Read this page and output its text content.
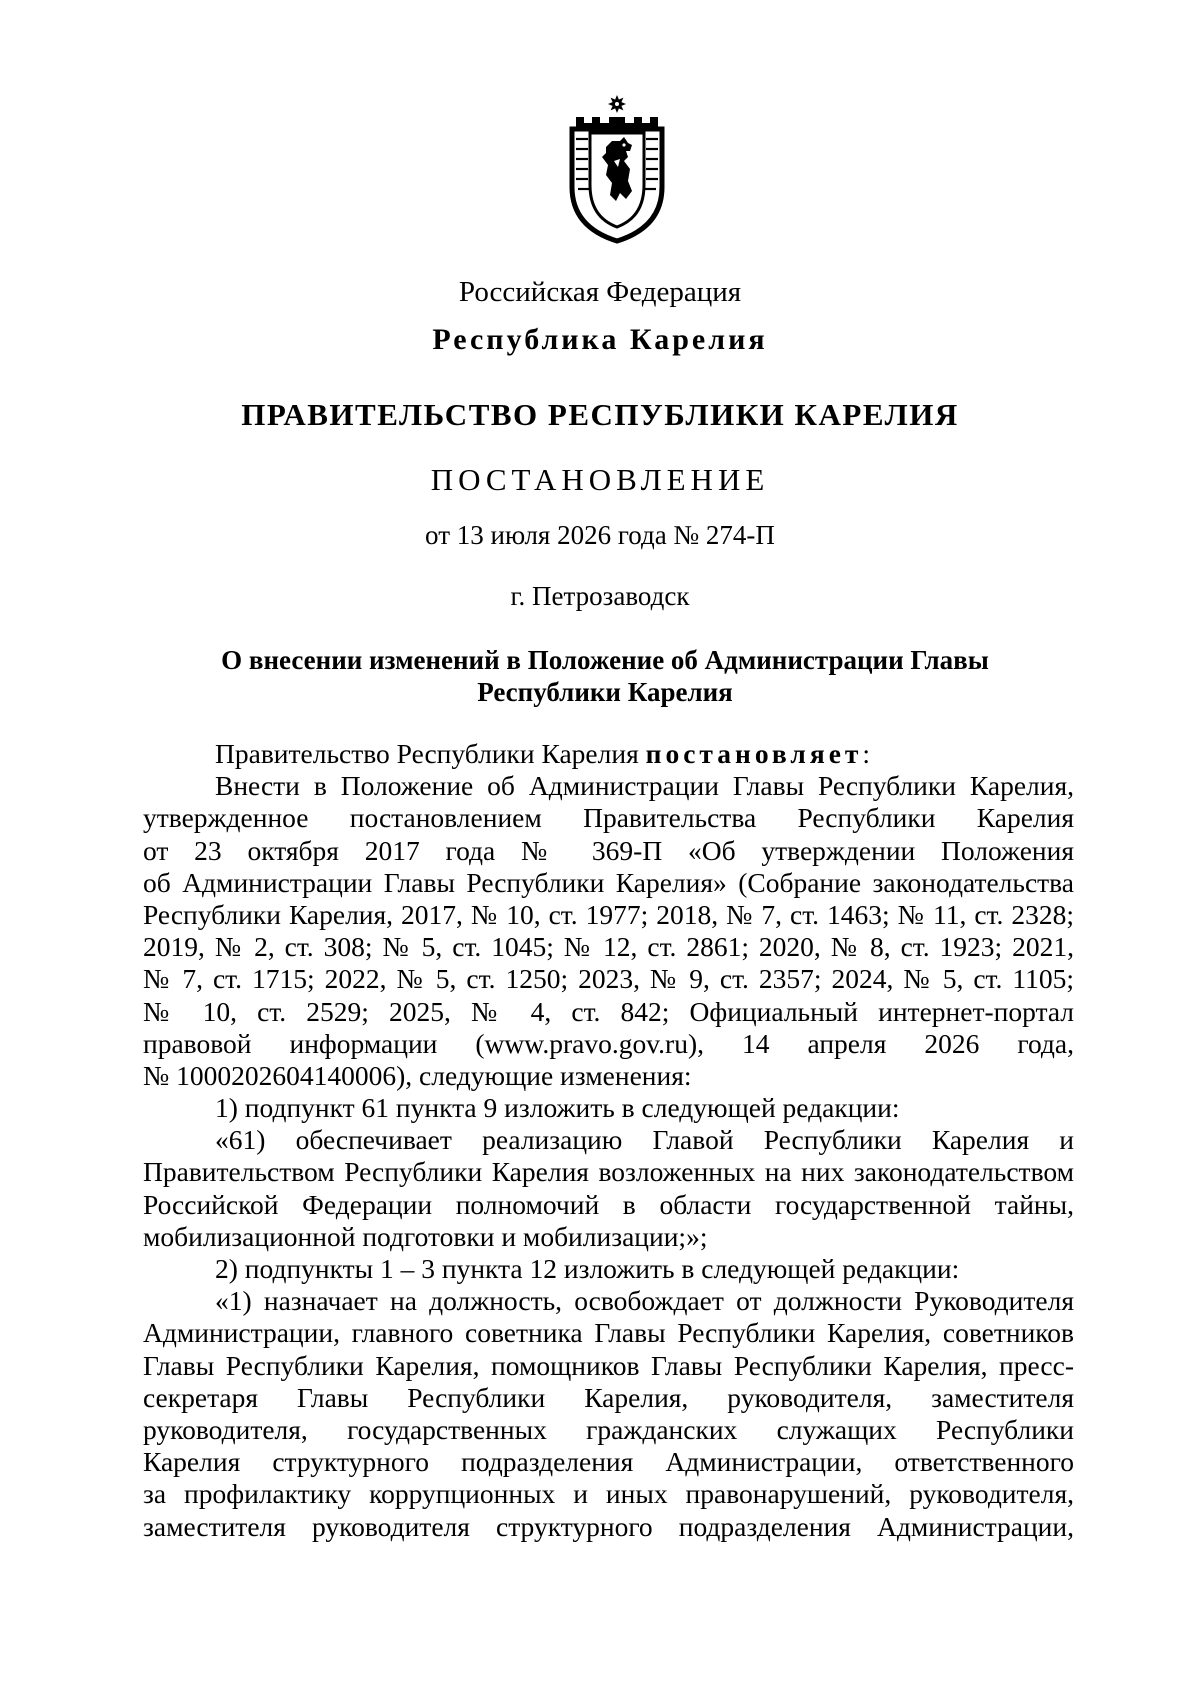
Российская Федерация
Республика Карелия
ПРАВИТЕЛЬСТВО РЕСПУБЛИКИ КАРЕЛИЯ
ПОСТАНОВЛЕНИЕ
от 13 июля 2026 года № 274-П
г. Петрозаводск
О внесении изменений в Положение об Администрации Главы
Республики Карелия
Правительство Республики Карелия постановляет:
Внести в Положение об Администрации Главы Республики Карелия,
утвержденное постановлением Правительства Республики Карелия
от 23 октября 2017 года № 369-П «Об утверждении Положения
об Администрации Главы Республики Карелия» (Собрание законодательства
Республики Карелия, 2017, № 10, ст. 1977; 2018, № 7, ст. 1463; № 11, ст. 2328;
2019, № 2, ст. 308; № 5, ст. 1045; № 12, ст. 2861; 2020, № 8, ст. 1923; 2021,
№ 7, ст. 1715; 2022, № 5, ст. 1250; 2023, № 9, ст. 2357; 2024, № 5, ст. 1105;
№ 10, ст. 2529; 2025, № 4, ст. 842; Официальный интернет-портал
правовой информации (www.pravo.gov.ru), 14 апреля 2026 года,
№ 1000202604140006), следующие изменения:
1) подпункт 61 пункта 9 изложить в следующей редакции:
«61) обеспечивает реализацию Главой Республики Карелия и
Правительством Республики Карелия возложенных на них законодательством
Российской Федерации полномочий в области государственной тайны,
мобилизационной подготовки и мобилизации;»;
2) подпункты 1 – 3 пункта 12 изложить в следующей редакции:
«1) назначает на должность, освобождает от должности Руководителя
Администрации, главного советника Главы Республики Карелия, советников
Главы Республики Карелия, помощников Главы Республики Карелия, пресс-
секретаря Главы Республики Карелия, руководителя, заместителя
руководителя, государственных гражданских служащих Республики
Карелия структурного подразделения Администрации, ответственного
за профилактику коррупционных и иных правонарушений, руководителя,
заместителя руководителя структурного подразделения Администрации,
